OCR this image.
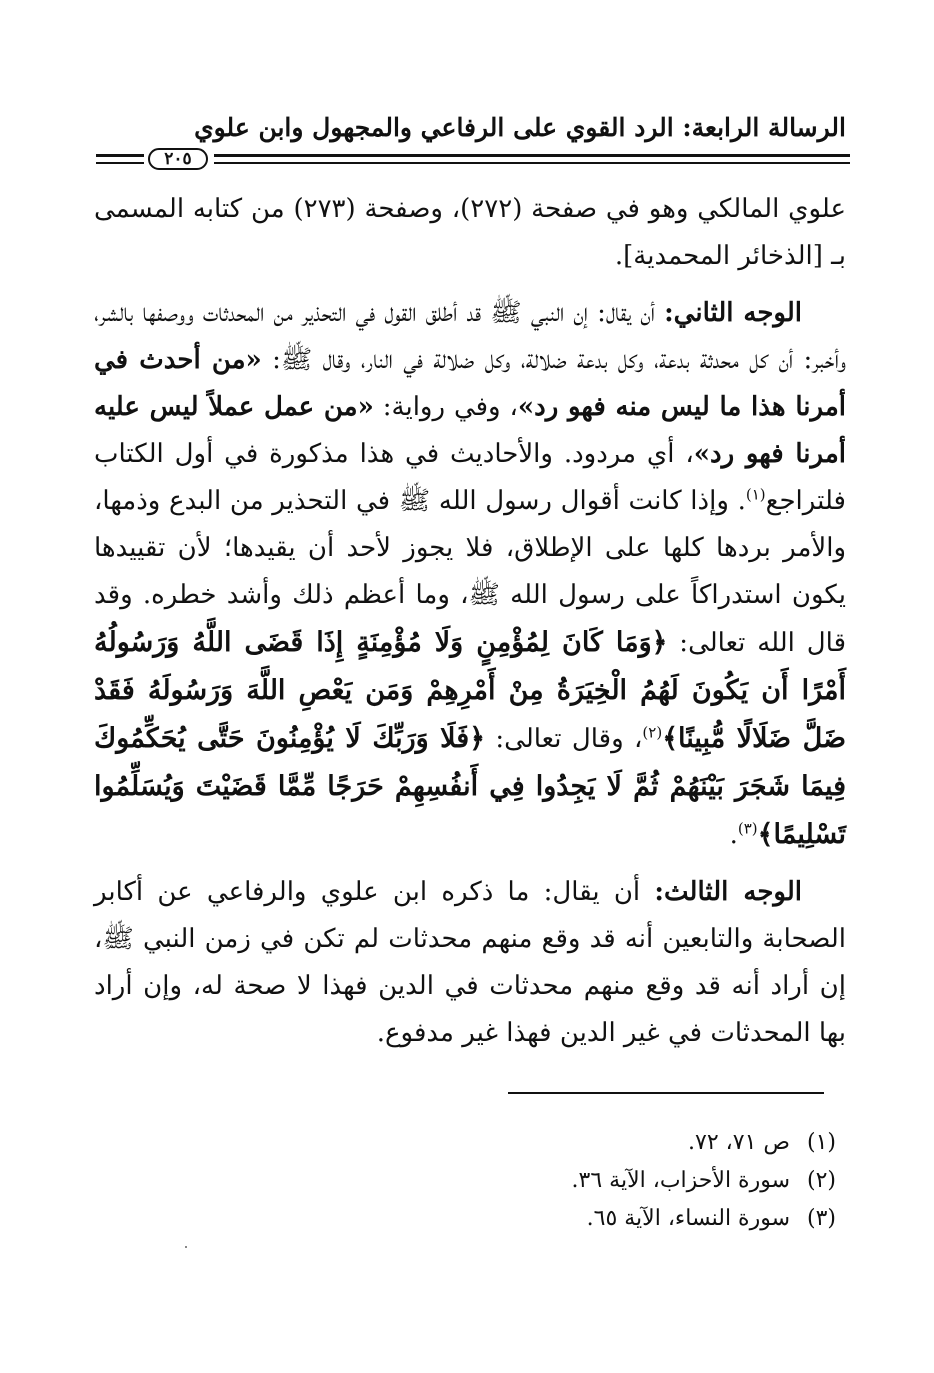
الرسالة الرابعة: الرد القوي على الرفاعي والمجهول وابن علوي
٢٠٥

علوي المالكي وهو في صفحة (٢٧٢)، وصفحة (٢٧٣) من كتابه المسمى بـ [الذخائر المحمدية].

الوجه الثاني: أن يقال: إن النبي ﷺ قد أطلق القول في التحذير من المحدثات ووصفها بالشر، وأخبر: أن كل محدثة بدعة، وكل بدعة ضلالة، وكل ضلالة في النار، وقال ﷺ: «من أحدث في أمرنا هذا ما ليس منه فهو رد»، وفي رواية: «من عمل عملاً ليس عليه أمرنا فهو رد»، أي مردود. والأحاديث في هذا مذكورة في أول الكتاب فلتراجع$^{(١)}$. وإذا كانت أقوال رسول الله ﷺ في التحذير من البدع وذمها، والأمر بردها كلها على الإطلاق، فلا يجوز لأحد أن يقيدها؛ لأن تقييدها يكون استدراكاً على رسول الله ﷺ، وما أعظم ذلك وأشد خطره. وقد قال الله تعالى: ﴿وَمَا كَانَ لِمُؤْمِنٍ وَلَا مُؤْمِنَةٍ إِذَا قَضَى اللَّهُ وَرَسُولُهُ أَمْرًا أَن يَكُونَ لَهُمُ الْخِيَرَةُ مِنْ أَمْرِهِمْ وَمَن يَعْصِ اللَّهَ وَرَسُولَهُ فَقَدْ ضَلَّ ضَلَالًا مُّبِينًا﴾$^{(٢)}$، وقال تعالى: ﴿فَلَا وَرَبِّكَ لَا يُؤْمِنُونَ حَتَّى يُحَكِّمُوكَ فِيمَا شَجَرَ بَيْنَهُمْ ثُمَّ لَا يَجِدُوا فِي أَنفُسِهِمْ حَرَجًا مِّمَّا قَضَيْتَ وَيُسَلِّمُوا تَسْلِيمًا﴾$^{(٣)}$.

الوجه الثالث: أن يقال: ما ذكره ابن علوي والرفاعي عن أكابر الصحابة والتابعين أنه قد وقع منهم محدثات لم تكن في زمن النبي ﷺ، إن أراد أنه قد وقع منهم محدثات في الدين فهذا لا صحة له، وإن أراد بها المحدثات في غير الدين فهذا غير مدفوع.

(١)ص ٧١، ٧٢.

(٢)سورة الأحزاب، الآية ٣٦.

(٣)سورة النساء، الآية ٦٥.
